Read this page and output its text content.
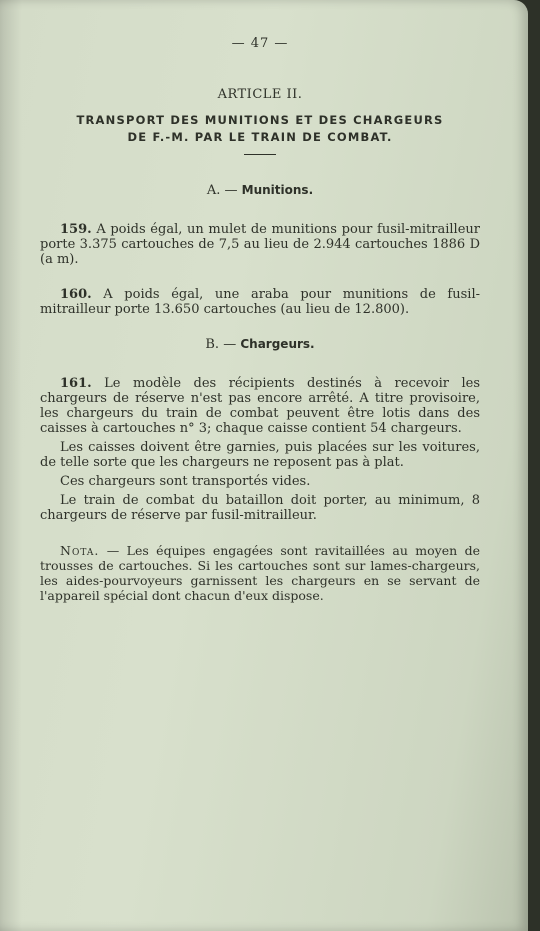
— 47 —
ARTICLE II.
TRANSPORT DES MUNITIONS ET DES CHARGEURS
DE F.-M. PAR LE TRAIN DE COMBAT.
A. — Munitions.

159. A poids égal, un mulet de munitions pour fusil-mitrailleur porte 3.375 cartouches de 7,5 au lieu de 2.944 cartouches 1886 D (a m).

160. A poids égal, une araba pour munitions de fusil-mitrailleur porte 13.650 cartouches (au lieu de 12.800).

B. — Chargeurs.

161. Le modèle des récipients destinés à recevoir les chargeurs de réserve n'est pas encore arrêté. A titre provisoire, les chargeurs du train de combat peuvent être lotis dans des caisses à cartouches n° 3; chaque caisse contient 54 chargeurs.

Les caisses doivent être garnies, puis placées sur les voitures, de telle sorte que les chargeurs ne reposent pas à plat.

Ces chargeurs sont transportés vides.

Le train de combat du bataillon doit porter, au minimum, 8 chargeurs de réserve par fusil-mitrailleur.

Nota. — Les équipes engagées sont ravitaillées au moyen de trousses de cartouches. Si les cartouches sont sur lames-chargeurs, les aides-pourvoyeurs garnissent les chargeurs en se servant de l'appareil spécial dont chacun d'eux dispose.
